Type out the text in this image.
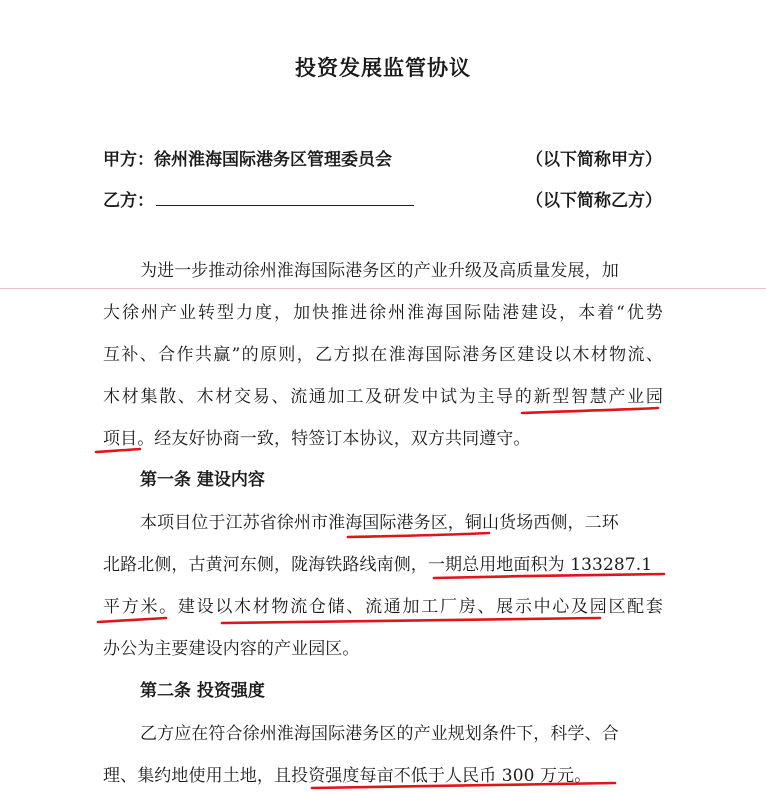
投资发展监管协议
甲方：徐州淮海国际港务区管理委员会	（以下简称甲方）
乙方：	（以下简称乙方）
为进一步推动徐州淮海国际港务区的产业升级及高质量发展，加
大徐州产业转型力度，加快推进徐州淮海国际陆港建设，本着“优势
互补、合作共赢”的原则，乙方拟在淮海国际港务区建设以木材物流、
木材集散、木材交易、流通加工及研发中试为主导的新型智慧产业园
项目。经友好协商一致，特签订本协议，双方共同遵守。
第一条 建设内容
本项目位于江苏省徐州市淮海国际港务区，铜山货场西侧，二环
北路北侧，古黄河东侧，陇海铁路线南侧，一期总用地面积为 133287.1
平方米。建设以木材物流仓储、流通加工厂房、展示中心及园区配套
办公为主要建设内容的产业园区。
第二条 投资强度
乙方应在符合徐州淮海国际港务区的产业规划条件下，科学、合
理、集约地使用土地，且投资强度每亩不低于人民币 300 万元。
